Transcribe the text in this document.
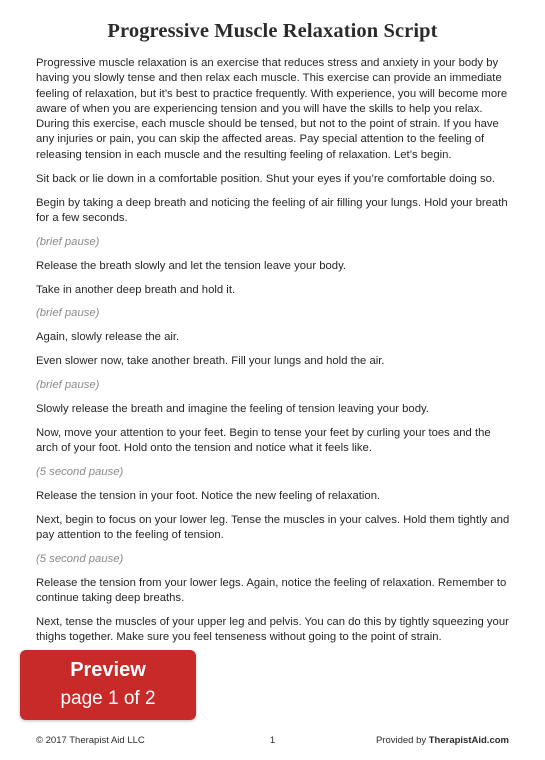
Progressive Muscle Relaxation Script

Progressive muscle relaxation is an exercise that reduces stress and anxiety in your body by having you slowly tense and then relax each muscle. This exercise can provide an immediate feeling of relaxation, but it’s best to practice frequently. With experience, you will become more aware of when you are experiencing tension and you will have the skills to help you relax. During this exercise, each muscle should be tensed, but not to the point of strain. If you have any injuries or pain, you can skip the affected areas. Pay special attention to the feeling of releasing tension in each muscle and the resulting feeling of relaxation. Let’s begin.

Sit back or lie down in a comfortable position. Shut your eyes if you’re comfortable doing so.

Begin by taking a deep breath and noticing the feeling of air filling your lungs. Hold your breath for a few seconds.

(brief pause)

Release the breath slowly and let the tension leave your body.

Take in another deep breath and hold it.

(brief pause)

Again, slowly release the air.

Even slower now, take another breath. Fill your lungs and hold the air.

(brief pause)

Slowly release the breath and imagine the feeling of tension leaving your body.

Now, move your attention to your feet. Begin to tense your feet by curling your toes and the arch of your foot. Hold onto the tension and notice what it feels like.

(5 second pause)

Release the tension in your foot. Notice the new feeling of relaxation.

Next, begin to focus on your lower leg. Tense the muscles in your calves. Hold them tightly and pay attention to the feeling of tension.

(5 second pause)

Release the tension from your lower legs. Again, notice the feeling of relaxation. Remember to continue taking deep breaths.

Next, tense the muscles of your upper leg and pelvis. You can do this by tightly squeezing your thighs together. Make sure you feel tenseness without going to the point of strain.

© 2017 Therapist Aid LLC	1	Provided by TherapistAid.com
Preview
page 1 of 2
